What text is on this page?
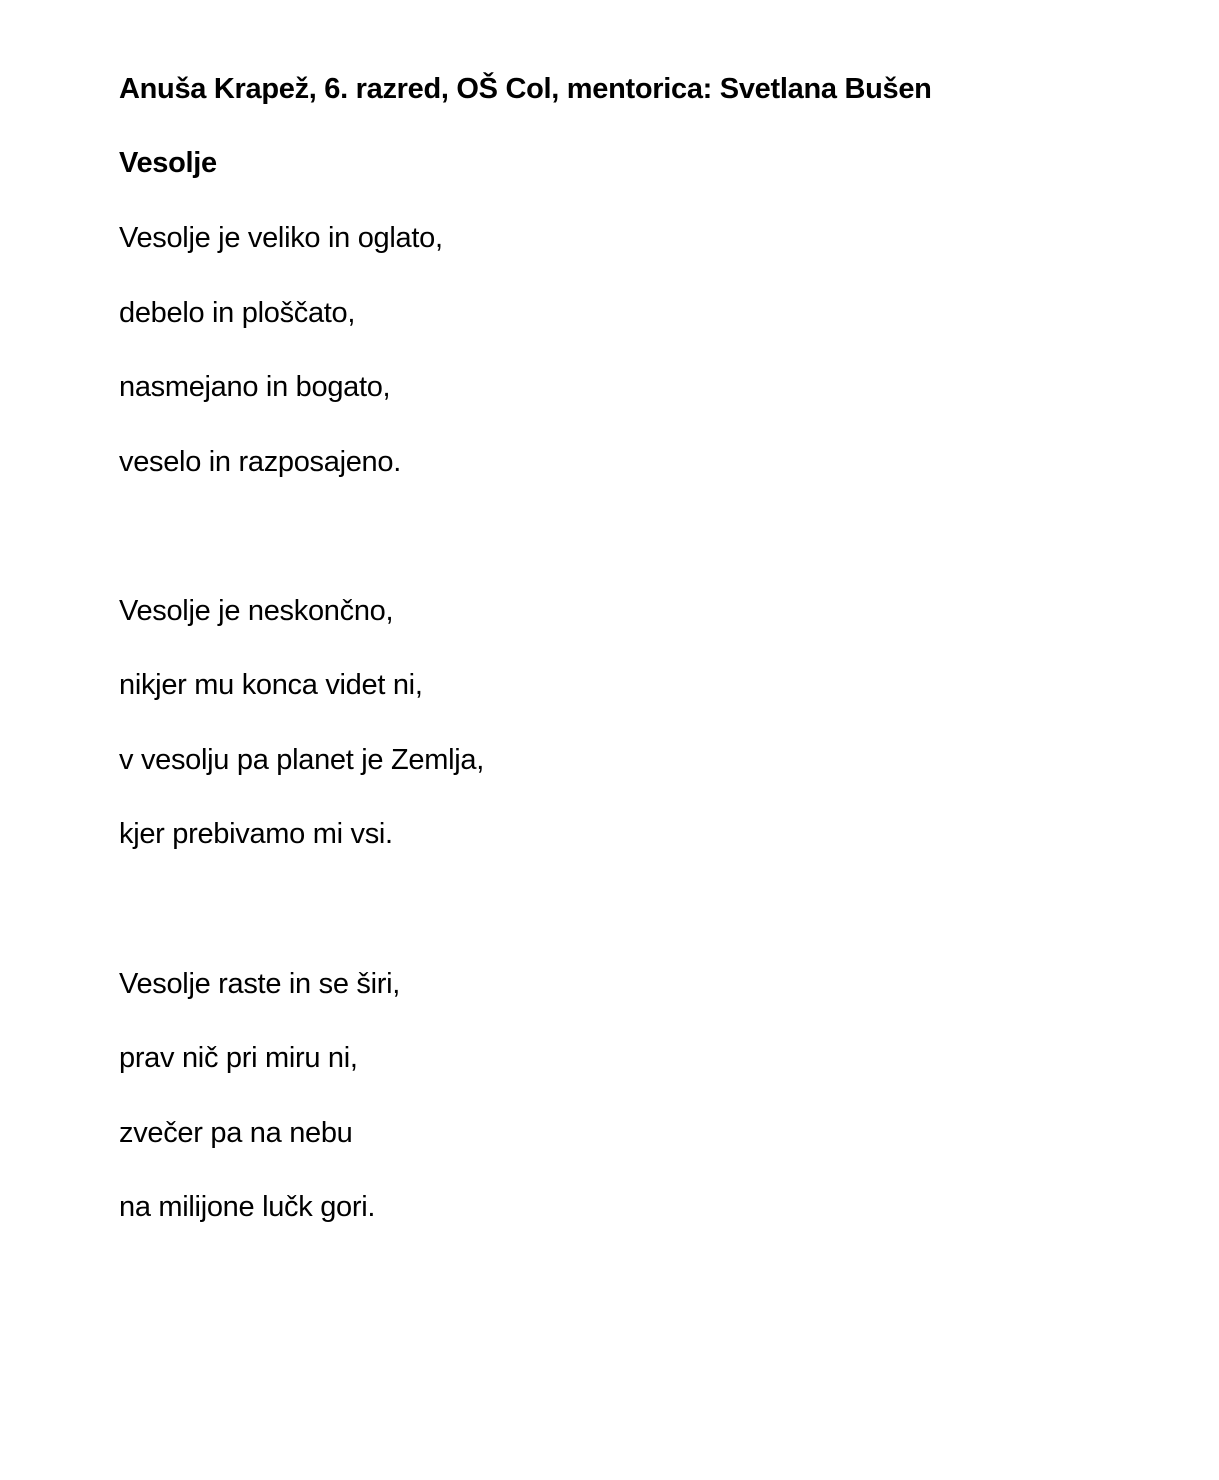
Anuša Krapež, 6. razred, OŠ Col, mentorica: Svetlana Bušen
Vesolje
Vesolje je veliko in oglato,
debelo in ploščato,
nasmejano in bogato,
veselo in razposajeno.
Vesolje je neskončno,
nikjer mu konca videt ni,
v vesolju pa planet je Zemlja,
kjer prebivamo mi vsi.
Vesolje raste in se širi,
prav nič pri miru ni,
zvečer pa na nebu
na milijone lučk gori.
